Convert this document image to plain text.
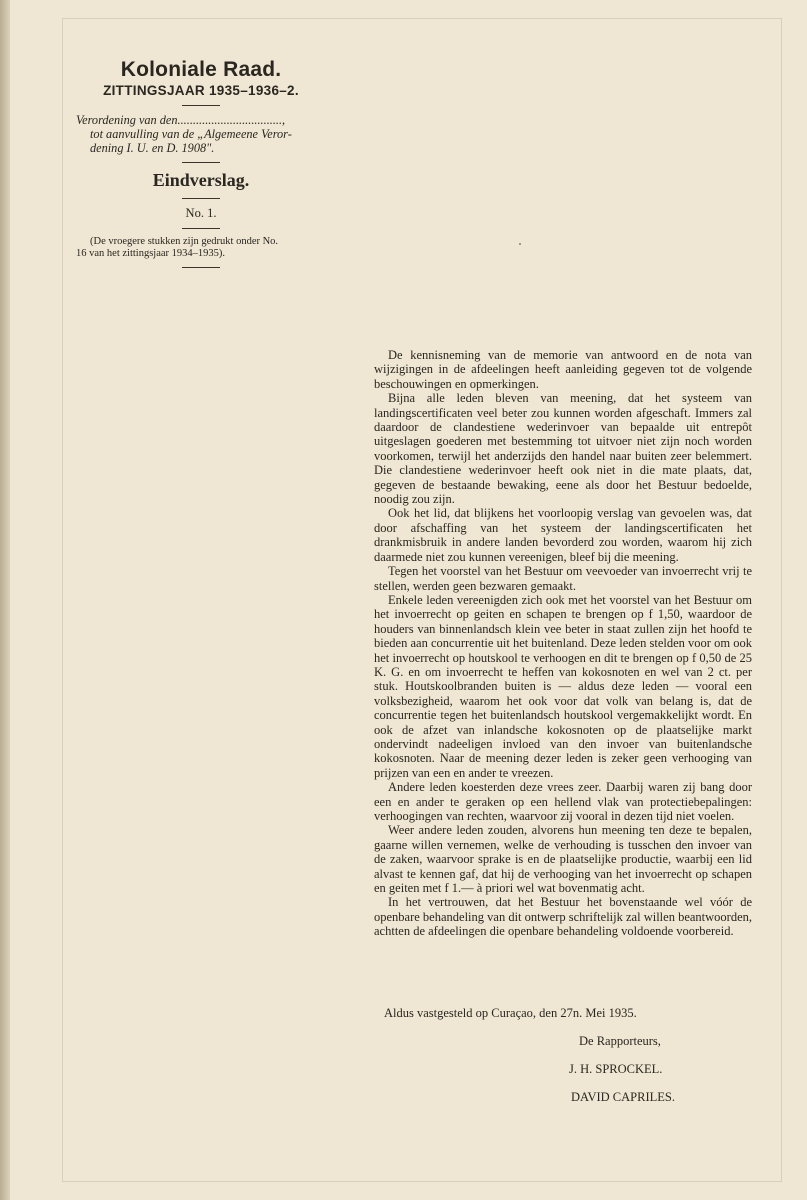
Koloniale Raad.
ZITTINGSJAAR 1935–1936–2.
Verordening van den..................................,
tot aanvulling van de „Algemeene Veror-
dening I. U. en D. 1908".
Eindverslag.
No. 1.
(De vroegere stukken zijn gedrukt onder No.
16 van het zittingsjaar 1934–1935).

De kennisneming van de memorie van antwoord en de nota van wijzigingen in de afdeelingen heeft aanleiding gegeven tot de volgende beschouwingen en opmerkingen.

Bijna alle leden bleven van meening, dat het systeem van landingscertificaten veel beter zou kunnen worden afgeschaft. Immers zal daardoor de clandestiene wederinvoer van bepaalde uit entrepôt uitgeslagen goederen met bestemming tot uitvoer niet zijn noch worden voorkomen, terwijl het anderzijds den handel naar buiten zeer belemmert. Die clandestiene wederinvoer heeft ook niet in die mate plaats, dat, gegeven de bestaande bewaking, eene als door het Bestuur bedoelde, noodig zou zijn.

Ook het lid, dat blijkens het voorloopig verslag van gevoelen was, dat door afschaffing van het systeem der landingscertificaten het drankmisbruik in andere landen bevorderd zou worden, waarom hij zich daarmede niet zou kunnen vereenigen, bleef bij die meening.

Tegen het voorstel van het Bestuur om veevoeder van invoerrecht vrij te stellen, werden geen bezwaren gemaakt.

Enkele leden vereenigden zich ook met het voorstel van het Bestuur om het invoerrecht op geiten en schapen te brengen op f 1,50, waardoor de houders van binnenlandsch klein vee beter in staat zullen zijn het hoofd te bieden aan concurrentie uit het buitenland. Deze leden stelden voor om ook het invoerrecht op houtskool te verhoogen en dit te brengen op f 0,50 de 25 K. G. en om invoerrecht te heffen van kokosnoten en wel van 2 ct. per stuk. Houtskoolbranden buiten is — aldus deze leden — vooral een volksbezigheid, waarom het ook voor dat volk van belang is, dat de concurrentie tegen het buitenlandsch houtskool vergemakkelijkt wordt. En ook de afzet van inlandsche kokosnoten op de plaatselijke markt ondervindt nadeeligen invloed van den invoer van buitenlandsche kokosnoten. Naar de meening dezer leden is zeker geen verhooging van prijzen van een en ander te vreezen.

Andere leden koesterden deze vrees zeer. Daarbij waren zij bang door een en ander te geraken op een hellend vlak van protectiebepalingen: verhoogingen van rechten, waarvoor zij vooral in dezen tijd niet voelen.

Weer andere leden zouden, alvorens hun meening ten deze te bepalen, gaarne willen vernemen, welke de verhouding is tusschen den invoer van de zaken, waarvoor sprake is en de plaatselijke productie, waarbij een lid alvast te kennen gaf, dat hij de verhooging van het invoerrecht op schapen en geiten met f 1.— à priori wel wat bovenmatig acht.

In het vertrouwen, dat het Bestuur het bovenstaande wel vóór de openbare behandeling van dit ontwerp schriftelijk zal willen beantwoorden, achtten de afdeelingen die openbare behandeling voldoende voorbereid.

Aldus vastgesteld op Curaçao, den 27n. Mei 1935.
De Rapporteurs,
J. H. SPROCKEL.
DAVID CAPRILES.
